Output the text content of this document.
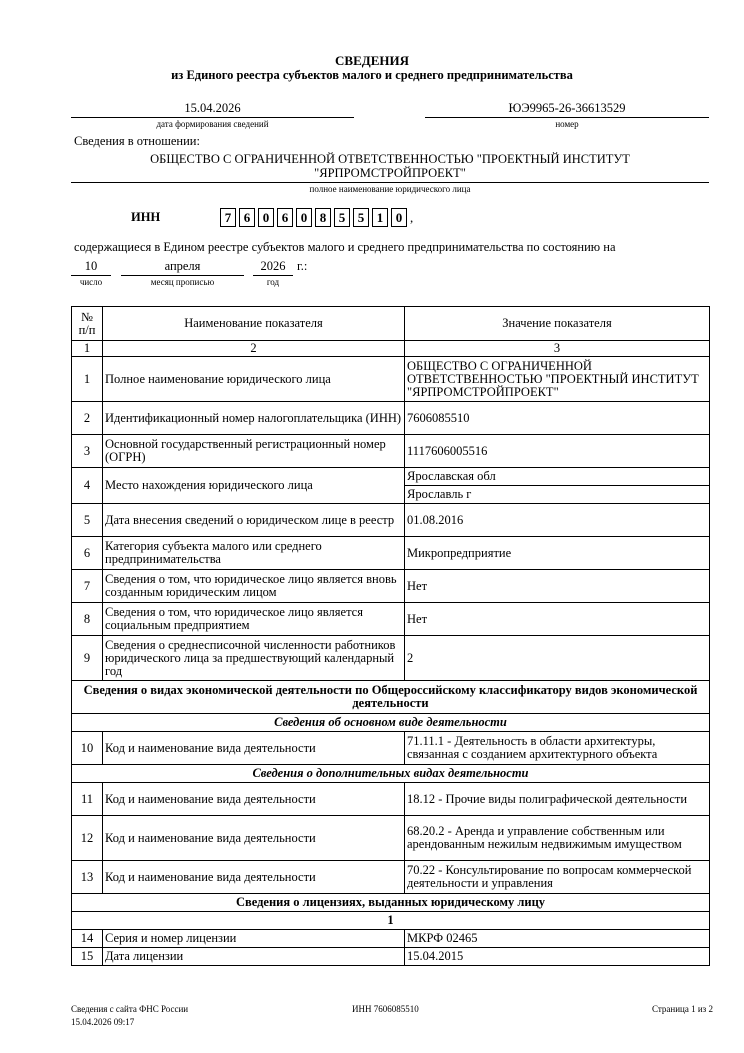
СВЕДЕНИЯ
из Единого реестра субъектов малого и среднего предпринимательства
15.04.2026
дата формирования сведений
ЮЭ9965-26-36613529
номер
Сведения в отношении:
ОБЩЕСТВО С ОГРАНИЧЕННОЙ ОТВЕТСТВЕННОСТЬЮ "ПРОЕКТНЫЙ ИНСТИТУТ
"ЯРПРОМСТРОЙПРОЕКТ"
полное наименование юридического лица
ИНН	7 6 0 6 0 8 5 5 1 0 ,
содержащиеся в Едином реестре субъектов малого и среднего предпринимательства по состоянию на
10
число
апреля
месяц прописью
2026
год
г.:
№
п/п	Наименование показателя	Значение показателя
1	2	3
1	Полное наименование юридического лица	ОБЩЕСТВО С ОГРАНИЧЕННОЙ ОТВЕТСТВЕННОСТЬЮ "ПРОЕКТНЫЙ ИНСТИТУТ "ЯРПРОМСТРОЙПРОЕКТ"
2	Идентификационный номер налогоплательщика (ИНН)	7606085510
3	Основной государственный регистрационный номер (ОГРН)	1117606005516
4	Место нахождения юридического лица	Ярославская обл
		Ярославль г
5	Дата внесения сведений о юридическом лице в реестр	01.08.2016
6	Категория субъекта малого или среднего предпринимательства	Микропредприятие
7	Сведения о том, что юридическое лицо является вновь созданным юридическим лицом	Нет
8	Сведения о том, что юридическое лицо является социальным предприятием	Нет
9	Сведения о среднесписочной численности работников юридического лица за предшествующий календарный год	2
Сведения о видах экономической деятельности по Общероссийскому классификатору видов экономической деятельности		
Сведения об основном виде деятельности		
10	Код и наименование вида деятельности	71.11.1 - Деятельность в области архитектуры, связанная с созданием архитектурного объекта
Сведения о дополнительных видах деятельности		
11	Код и наименование вида деятельности	18.12 - Прочие виды полиграфической деятельности
12	Код и наименование вида деятельности	68.20.2 - Аренда и управление собственным или арендованным нежилым недвижимым имуществом
13	Код и наименование вида деятельности	70.22 - Консультирование по вопросам коммерческой деятельности и управления
Сведения о лицензиях, выданных юридическому лицу		
1		
14	Серия и номер лицензии	МКРФ 02465
15	Дата лицензии	15.04.2015
Сведения с сайта ФНС России
15.04.2026 09:17
ИНН 7606085510	Страница 1 из 2
